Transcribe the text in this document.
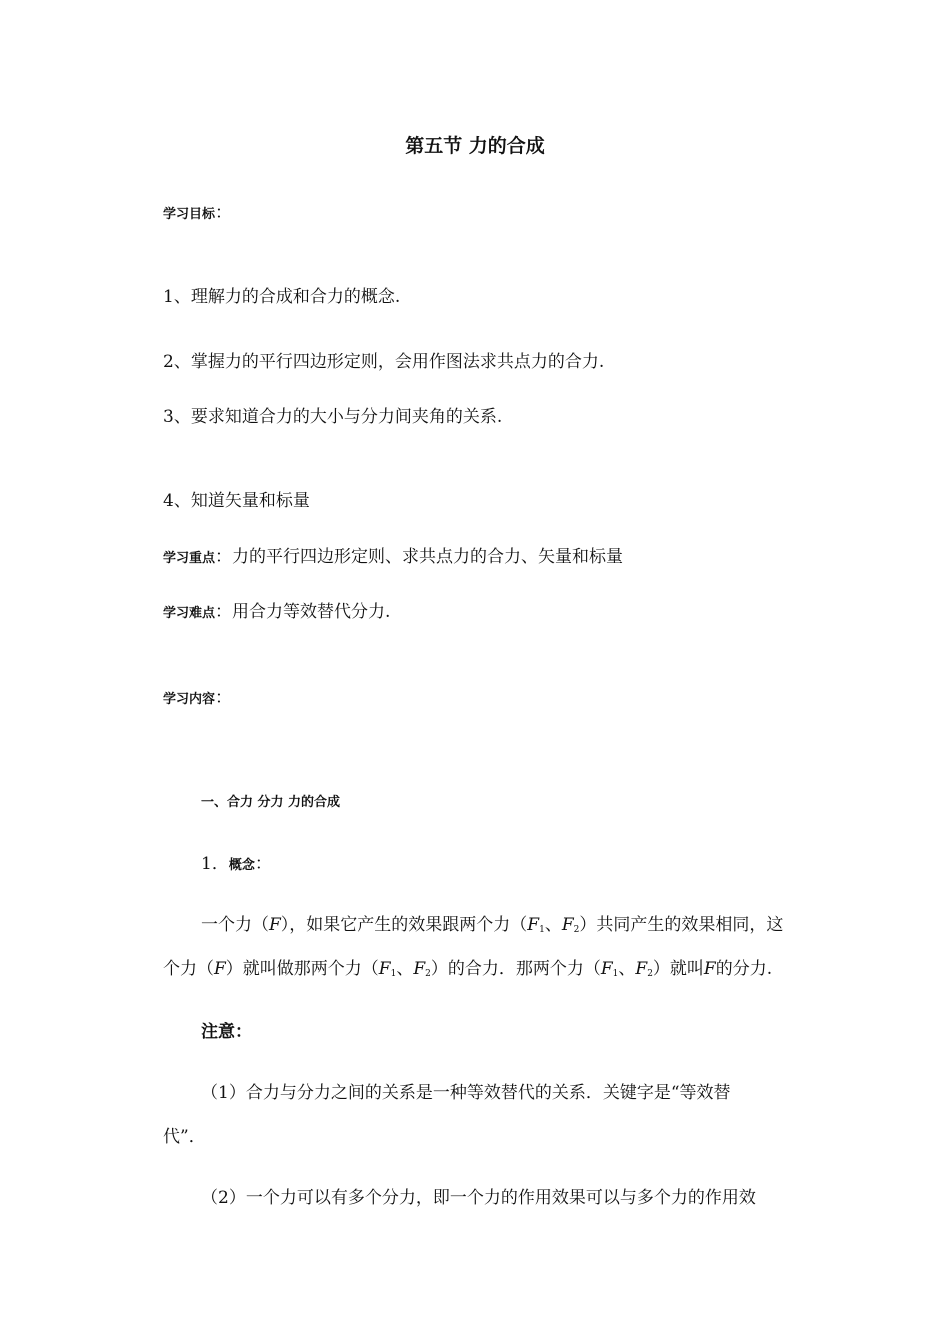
第五节 力的合成
学习目标：
1、理解力的合成和合力的概念.
2、掌握力的平行四边形定则，会用作图法求共点力的合力.
3、要求知道合力的大小与分力间夹角的关系.
4、知道矢量和标量
学习重点：力的平行四边形定则、求共点力的合力、矢量和标量
学习难点：用合力等效替代分力.
学习内容：
一、合力 分力 力的合成
1．概念：
一个力（F），如果它产生的效果跟两个力（$F_1$、$F_2$）共同产生的效果相同，这
个力（F）就叫做那两个力（$F_1$、$F_2$）的合力．那两个力（$F_1$、$F_2$）就叫F的分力.
注意：
（1）合力与分力之间的关系是一种等效替代的关系．关键字是“等效替
代”．
（2）一个力可以有多个分力，即一个力的作用效果可以与多个力的作用效
